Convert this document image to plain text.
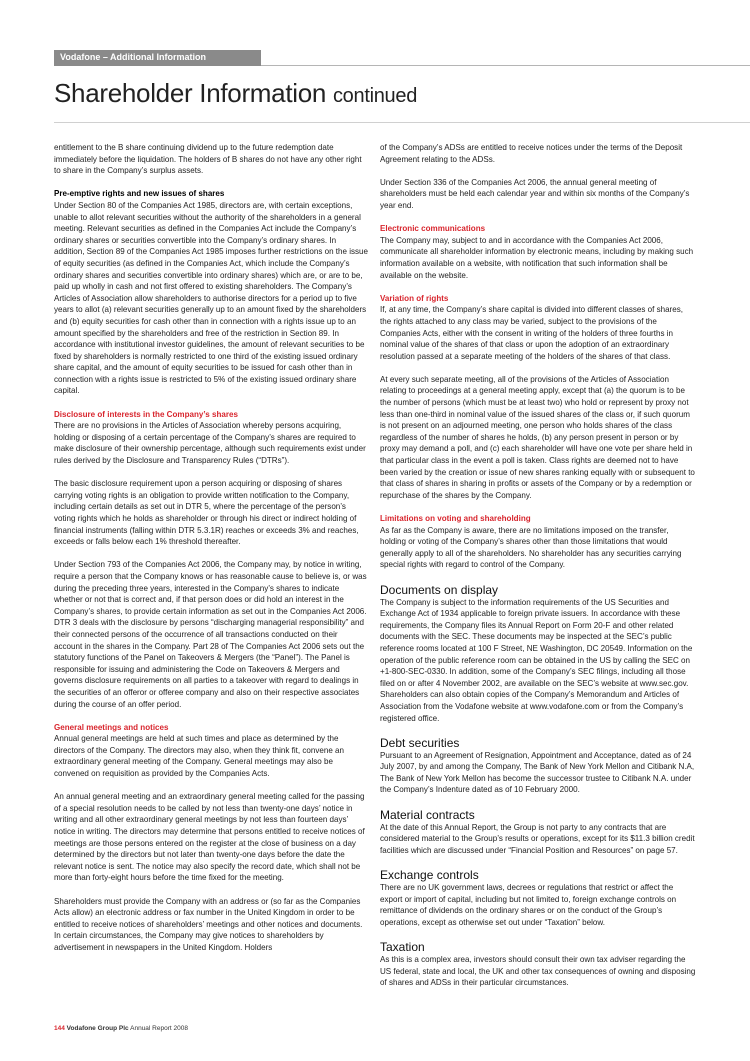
Vodafone – Additional Information
Shareholder Information continued
entitlement to the B share continuing dividend up to the future redemption date immediately before the liquidation. The holders of B shares do not have any other right to share in the Company’s surplus assets.
Pre-emptive rights and new issues of shares
Under Section 80 of the Companies Act 1985, directors are, with certain exceptions, unable to allot relevant securities without the authority of the shareholders in a general meeting. Relevant securities as defined in the Companies Act include the Company’s ordinary shares or securities convertible into the Company’s ordinary shares. In addition, Section 89 of the Companies Act 1985 imposes further restrictions on the issue of equity securities (as defined in the Companies Act, which include the Company’s ordinary shares and securities convertible into ordinary shares) which are, or are to be, paid up wholly in cash and not first offered to existing shareholders. The Company’s Articles of Association allow shareholders to authorise directors for a period up to five years to allot (a) relevant securities generally up to an amount fixed by the shareholders and (b) equity securities for cash other than in connection with a rights issue up to an amount specified by the shareholders and free of the restriction in Section 89. In accordance with institutional investor guidelines, the amount of relevant securities to be fixed by shareholders is normally restricted to one third of the existing issued ordinary share capital, and the amount of equity securities to be issued for cash other than in connection with a rights issue is restricted to 5% of the existing issued ordinary share capital.
Disclosure of interests in the Company’s shares
There are no provisions in the Articles of Association whereby persons acquiring, holding or disposing of a certain percentage of the Company’s shares are required to make disclosure of their ownership percentage, although such requirements exist under rules derived by the Disclosure and Transparency Rules (“DTRs”).
The basic disclosure requirement upon a person acquiring or disposing of shares carrying voting rights is an obligation to provide written notification to the Company, including certain details as set out in DTR 5, where the percentage of the person’s voting rights which he holds as shareholder or through his direct or indirect holding of financial instruments (falling within DTR 5.3.1R) reaches or exceeds 3% and reaches, exceeds or falls below each 1% threshold thereafter.
Under Section 793 of the Companies Act 2006, the Company may, by notice in writing, require a person that the Company knows or has reasonable cause to believe is, or was during the preceding three years, interested in the Company’s shares to indicate whether or not that is correct and, if that person does or did hold an interest in the Company’s shares, to provide certain information as set out in the Companies Act 2006. DTR 3 deals with the disclosure by persons “discharging managerial responsibility” and their connected persons of the occurrence of all transactions conducted on their account in the shares in the Company. Part 28 of The Companies Act 2006 sets out the statutory functions of the Panel on Takeovers & Mergers (the “Panel”). The Panel is responsible for issuing and administering the Code on Takeovers & Mergers and governs disclosure requirements on all parties to a takeover with regard to dealings in the securities of an offeror or offeree company and also on their respective associates during the course of an offer period.
General meetings and notices
Annual general meetings are held at such times and place as determined by the directors of the Company. The directors may also, when they think fit, convene an extraordinary general meeting of the Company. General meetings may also be convened on requisition as provided by the Companies Acts.
An annual general meeting and an extraordinary general meeting called for the passing of a special resolution needs to be called by not less than twenty-one days’ notice in writing and all other extraordinary general meetings by not less than fourteen days’ notice in writing. The directors may determine that persons entitled to receive notices of meetings are those persons entered on the register at the close of business on a day determined by the directors but not later than twenty-one days before the date the relevant notice is sent. The notice may also specify the record date, which shall not be more than forty-eight hours before the time fixed for the meeting.
Shareholders must provide the Company with an address or (so far as the Companies Acts allow) an electronic address or fax number in the United Kingdom in order to be entitled to receive notices of shareholders’ meetings and other notices and documents. In certain circumstances, the Company may give notices to shareholders by advertisement in newspapers in the United Kingdom. Holders
of the Company’s ADSs are entitled to receive notices under the terms of the Deposit Agreement relating to the ADSs.
Under Section 336 of the Companies Act 2006, the annual general meeting of shareholders must be held each calendar year and within six months of the Company’s year end.
Electronic communications
The Company may, subject to and in accordance with the Companies Act 2006, communicate all shareholder information by electronic means, including by making such information available on a website, with notification that such information shall be available on the website.
Variation of rights
If, at any time, the Company’s share capital is divided into different classes of shares, the rights attached to any class may be varied, subject to the provisions of the Companies Acts, either with the consent in writing of the holders of three fourths in nominal value of the shares of that class or upon the adoption of an extraordinary resolution passed at a separate meeting of the holders of the shares of that class.
At every such separate meeting, all of the provisions of the Articles of Association relating to proceedings at a general meeting apply, except that (a) the quorum is to be the number of persons (which must be at least two) who hold or represent by proxy not less than one-third in nominal value of the issued shares of the class or, if such quorum is not present on an adjourned meeting, one person who holds shares of the class regardless of the number of shares he holds, (b) any person present in person or by proxy may demand a poll, and (c) each shareholder will have one vote per share held in that particular class in the event a poll is taken. Class rights are deemed not to have been varied by the creation or issue of new shares ranking equally with or subsequent to that class of shares in sharing in profits or assets of the Company or by a redemption or repurchase of the shares by the Company.
Limitations on voting and shareholding
As far as the Company is aware, there are no limitations imposed on the transfer, holding or voting of the Company’s shares other than those limitations that would generally apply to all of the shareholders. No shareholder has any securities carrying special rights with regard to control of the Company.
Documents on display
The Company is subject to the information requirements of the US Securities and Exchange Act of 1934 applicable to foreign private issuers. In accordance with these requirements, the Company files its Annual Report on Form 20-F and other related documents with the SEC. These documents may be inspected at the SEC’s public reference rooms located at 100 F Street, NE Washington, DC 20549. Information on the operation of the public reference room can be obtained in the US by calling the SEC on +1-800-SEC-0330. In addition, some of the Company’s SEC filings, including all those filed on or after 4 November 2002, are available on the SEC’s website at www.sec.gov. Shareholders can also obtain copies of the Company’s Memorandum and Articles of Association from the Vodafone website at www.vodafone.com or from the Company’s registered office.
Debt securities
Pursuant to an Agreement of Resignation, Appointment and Acceptance, dated as of 24 July 2007, by and among the Company, The Bank of New York Mellon and Citibank N.A, The Bank of New York Mellon has become the successor trustee to Citibank N.A. under the Company’s Indenture dated as of 10 February 2000.
Material contracts
At the date of this Annual Report, the Group is not party to any contracts that are considered material to the Group’s results or operations, except for its $11.3 billion credit facilities which are discussed under “Financial Position and Resources” on page 57.
Exchange controls
There are no UK government laws, decrees or regulations that restrict or affect the export or import of capital, including but not limited to, foreign exchange controls on remittance of dividends on the ordinary shares or on the conduct of the Group’s operations, except as otherwise set out under “Taxation” below.
Taxation
As this is a complex area, investors should consult their own tax adviser regarding the US federal, state and local, the UK and other tax consequences of owning and disposing of shares and ADSs in their particular circumstances.
144 Vodafone Group Plc Annual Report 2008
